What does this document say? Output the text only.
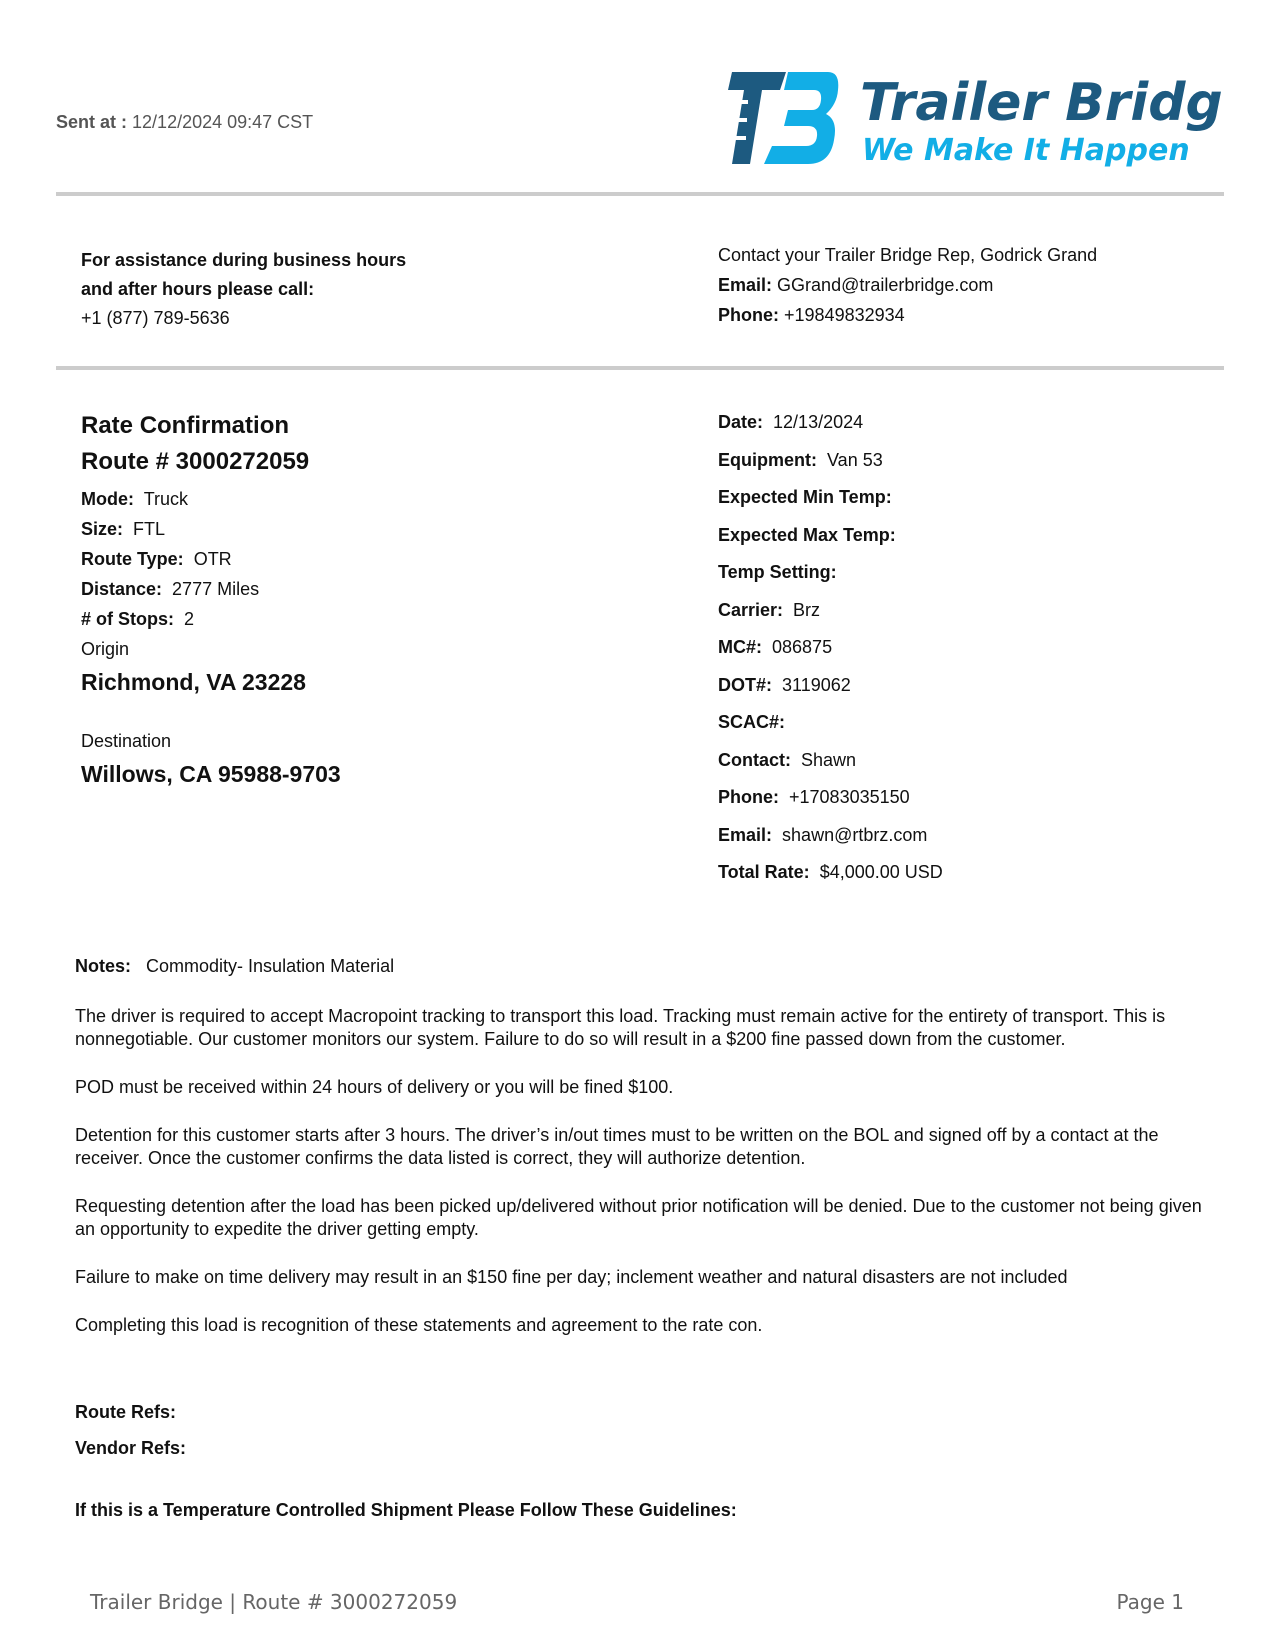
Sent at : 12/12/2024 09:47 CST	Trailer Bridge
We Make It Happen
For assistance during business hours
and after hours please call:
+1 (877) 789-5636
Contact your Trailer Bridge Rep, Godrick Grand
Email: GGrand@trailerbridge.com
Phone: +19849832934
Rate Confirmation
Route # 3000272059
Mode: Truck
Size: FTL
Route Type: OTR
Distance: 2777 Miles
# of Stops: 2
Origin
Richmond, VA 23228
Destination
Willows, CA 95988-9703
Date: 12/13/2024
Equipment: Van 53
Expected Min Temp:
Expected Max Temp:
Temp Setting:
Carrier: Brz
MC#: 086875
DOT#: 3119062
SCAC#:
Contact: Shawn
Phone: +17083035150
Email: shawn@rtbrz.com
Total Rate: $4,000.00 USD
Notes: Commodity- Insulation Material

The driver is required to accept Macropoint tracking to transport this load. Tracking must remain active for the entirety of transport. This is nonnegotiable. Our customer monitors our system. Failure to do so will result in a $200 fine passed down from the customer.

POD must be received within 24 hours of delivery or you will be fined $100.

Detention for this customer starts after 3 hours. The driver’s in/out times must to be written on the BOL and signed off by a contact at the receiver. Once the customer confirms the data listed is correct, they will authorize detention.

Requesting detention after the load has been picked up/delivered without prior notification will be denied. Due to the customer not being given an opportunity to expedite the driver getting empty.

Failure to make on time delivery may result in an $150 fine per day; inclement weather and natural disasters are not included

Completing this load is recognition of these statements and agreement to the rate con.

Route Refs:
Vendor Refs:
If this is a Temperature Controlled Shipment Please Follow These Guidelines:
Trailer Bridge | Route # 3000272059	Page 1
